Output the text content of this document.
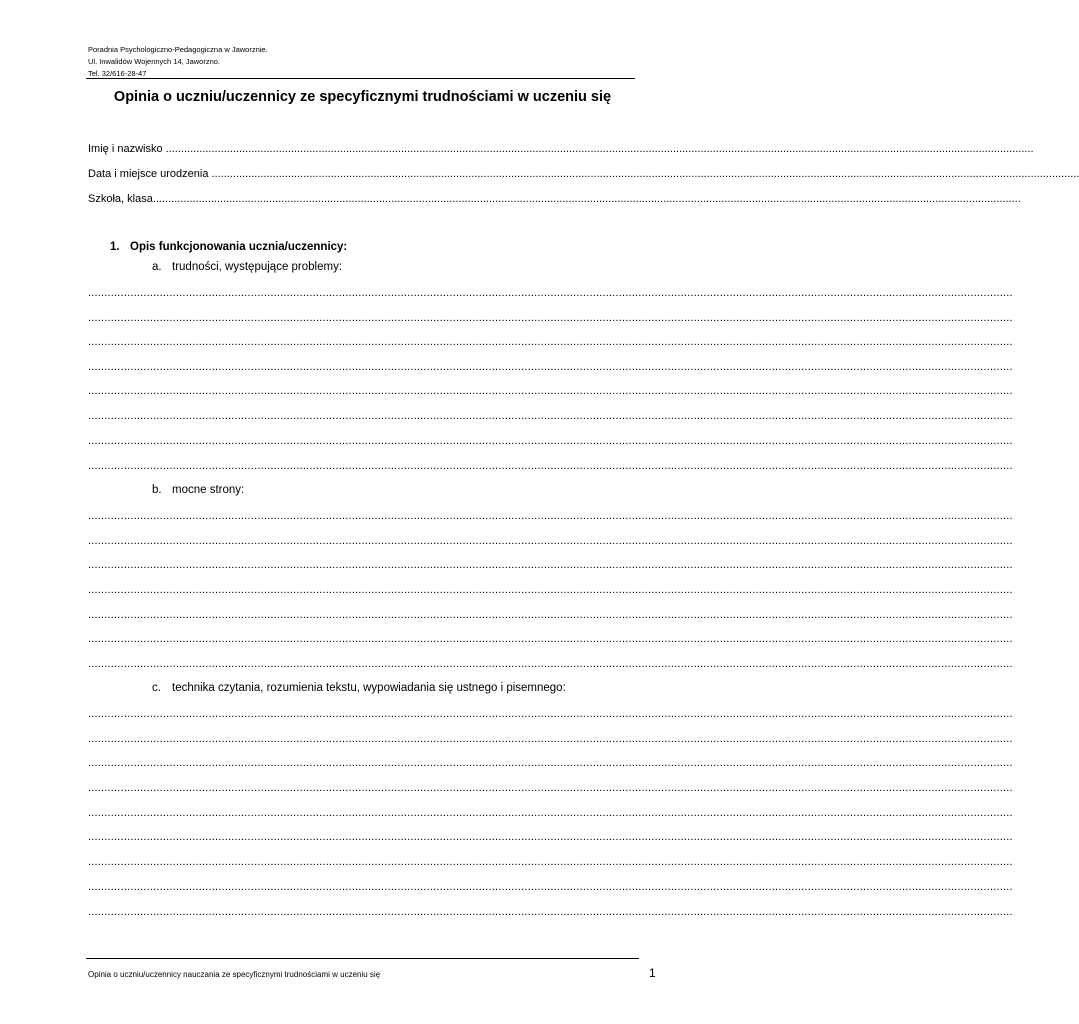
Poradnia Psychologiczno-Pedagogiczna w Jaworznie.
Ul. Inwalidów Wojennych 14, Jaworzno.
Tel. 32/616-28-47
Opinia o uczniu/uczennicy ze specyficznymi trudnościami w uczeniu się
Imię i nazwisko ............................................................................................................................................................................................................................................................................................
Data i miejsce urodzenia ............................................................................................................................................................................................................................................................................................
Szkoła, klasa............................................................................................................................................................................................................................................................................................
1. Opis funkcjonowania ucznia/uczennicy:
a. trudności, występujące problemy:
............................................................................................................................................................................................................................................................................................
............................................................................................................................................................................................................................................................................................
............................................................................................................................................................................................................................................................................................
............................................................................................................................................................................................................................................................................................
............................................................................................................................................................................................................................................................................................
............................................................................................................................................................................................................................................................................................
............................................................................................................................................................................................................................................................................................
............................................................................................................................................................................................................................................................................................
b. mocne strony:
............................................................................................................................................................................................................................................................................................
............................................................................................................................................................................................................................................................................................
............................................................................................................................................................................................................................................................................................
............................................................................................................................................................................................................................................................................................
............................................................................................................................................................................................................................................................................................
............................................................................................................................................................................................................................................................................................
............................................................................................................................................................................................................................................................................................
c. technika czytania, rozumienia tekstu, wypowiadania się ustnego i pisemnego:
............................................................................................................................................................................................................................................................................................
............................................................................................................................................................................................................................................................................................
............................................................................................................................................................................................................................................................................................
............................................................................................................................................................................................................................................................................................
............................................................................................................................................................................................................................................................................................
............................................................................................................................................................................................................................................................................................
............................................................................................................................................................................................................................................................................................
............................................................................................................................................................................................................................................................................................
............................................................................................................................................................................................................................................................................................
Opinia o uczniu/uczennicy nauczania ze specyficznymi trudnościami w uczeniu się	1
